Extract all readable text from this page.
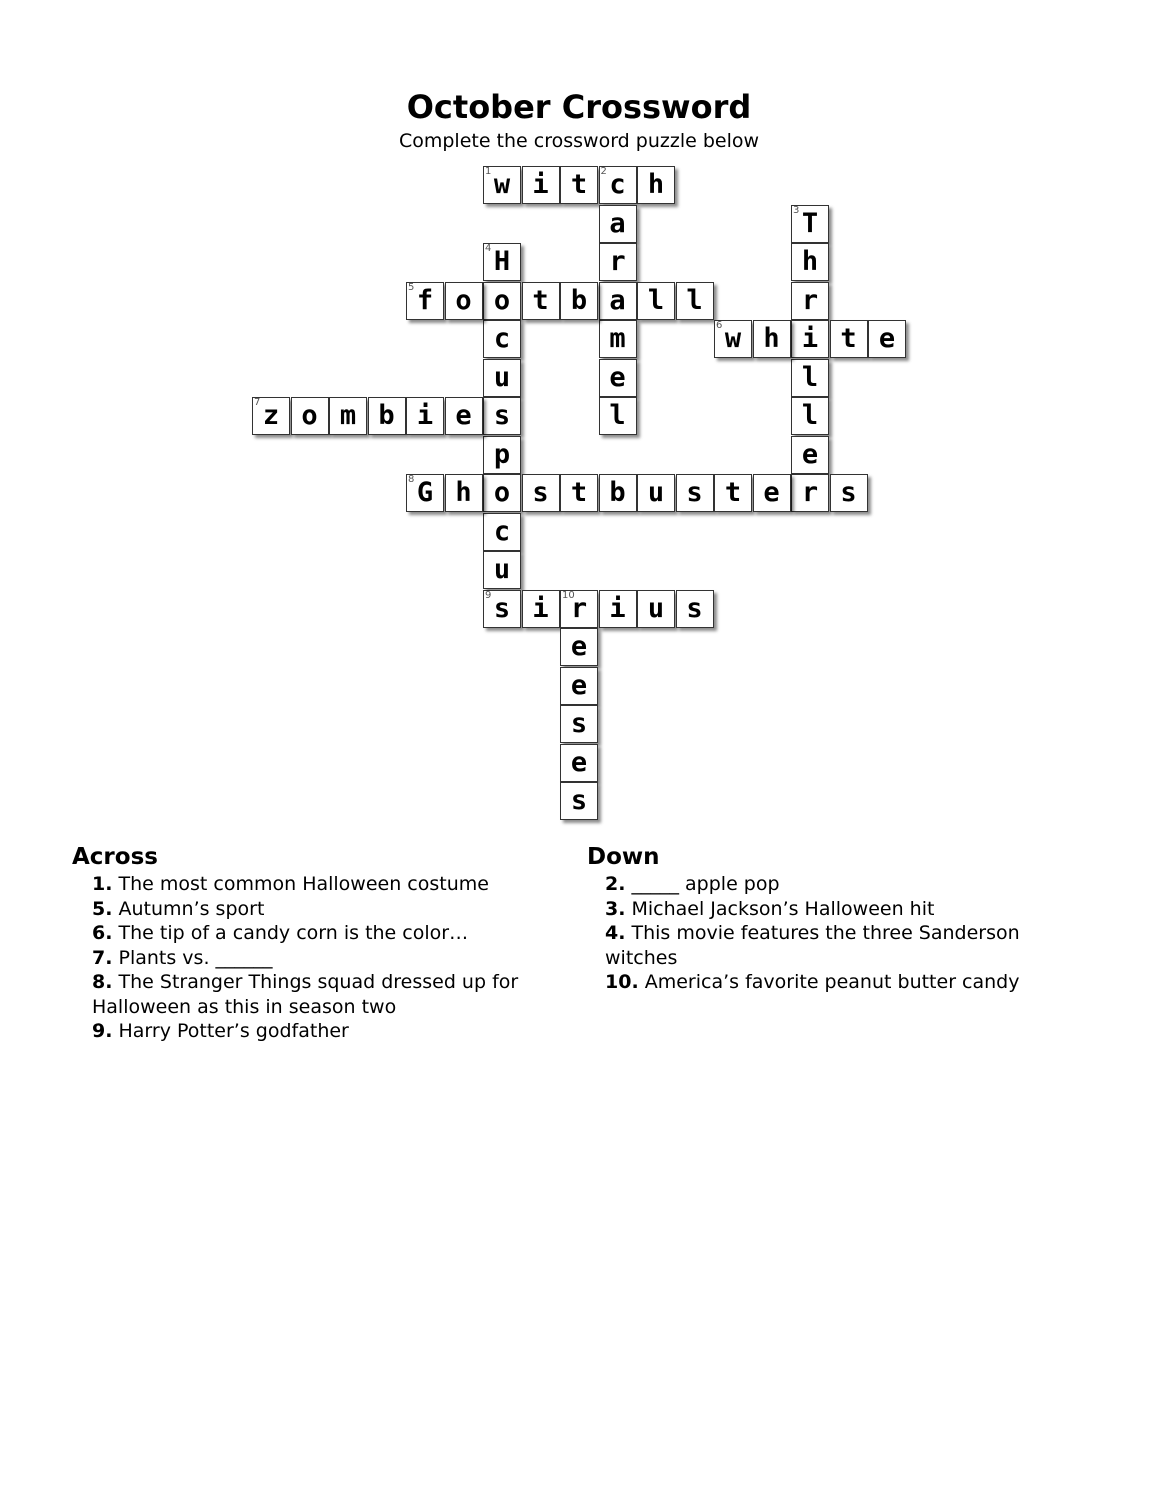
October Crossword
Complete the crossword puzzle below
1 w i t	2 c h
a
r
a
m
e
l
3 T
h
r
i
l
l
e
r
4 H
o
c
u
s
p
o
c
u
9 s
5 f o	t b	l l
6 w h	t e
7 z o m b i e
8 G h	s t b u s t e	s
i	10
r i u s
e
e
s
e
s
Across
1. The most common Halloween costume
5. Autumn’s sport
6. The tip of a candy corn is the color…
7. Plants vs. ______
8. The Stranger Things squad dressed up for Halloween as this in season two
9. Harry Potter’s godfather
Down
2. _____ apple pop
3. Michael Jackson’s Halloween hit
4. This movie features the three Sanderson witches
10. America’s favorite peanut butter candy
